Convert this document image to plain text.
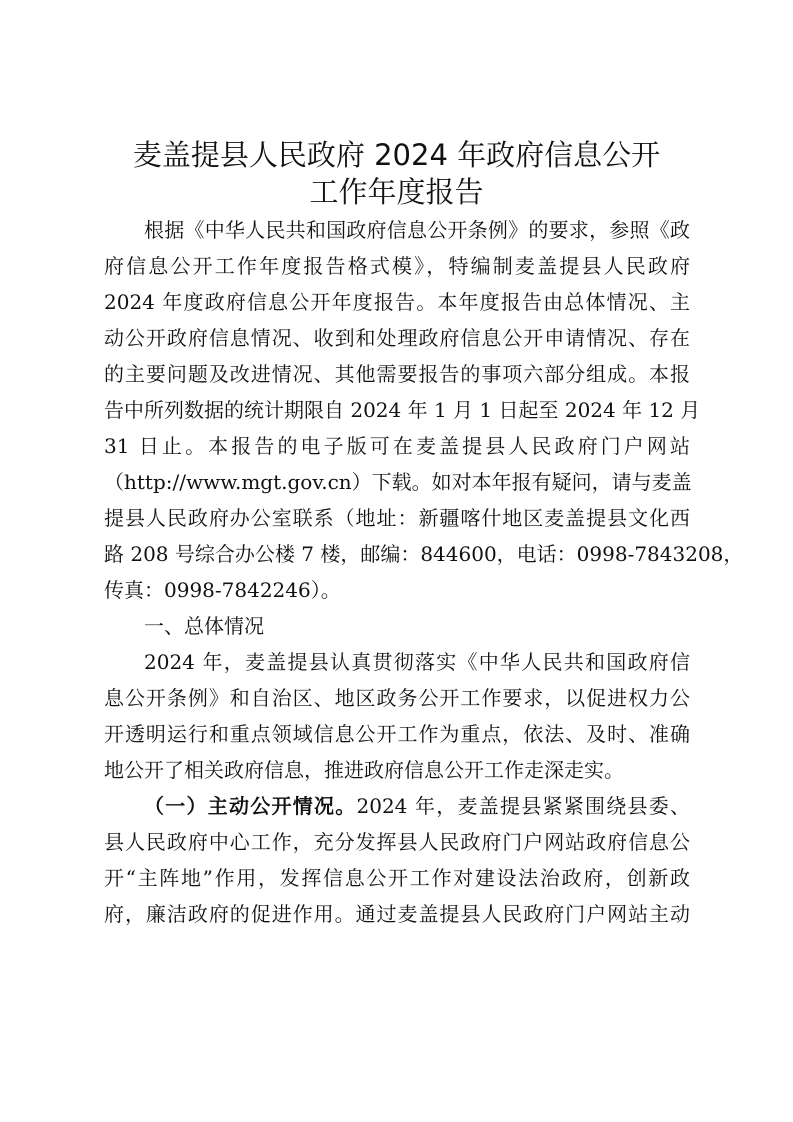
麦盖提县人民政府 2024 年政府信息公开
工作年度报告
根据《中华人民共和国政府信息公开条例》的要求，参照《政
府信息公开工作年度报告格式模》，特编制麦盖提县人民政府
2024 年度政府信息公开年度报告。本年度报告由总体情况、主
动公开政府信息情况、收到和处理政府信息公开申请情况、存在
的主要问题及改进情况、其他需要报告的事项六部分组成。本报
告中所列数据的统计期限自 2024 年 1 月 1 日起至 2024 年 12 月
31 日止。本报告的电子版可在麦盖提县人民政府门户网站
（http://www.mgt.gov.cn）下载。如对本年报有疑问，请与麦盖
提县人民政府办公室联系（地址：新疆喀什地区麦盖提县文化西
路 208 号综合办公楼 7 楼，邮编：844600，电话：0998-7843208，
传真：0998-7842246）。
一、总体情况
2024 年，麦盖提县认真贯彻落实《中华人民共和国政府信
息公开条例》和自治区、地区政务公开工作要求，以促进权力公
开透明运行和重点领域信息公开工作为重点，依法、及时、准确
地公开了相关政府信息，推进政府信息公开工作走深走实。
（一）主动公开情况。2024 年，麦盖提县紧紧围绕县委、
县人民政府中心工作，充分发挥县人民政府门户网站政府信息公
开“主阵地”作用，发挥信息公开工作对建设法治政府，创新政
府，廉洁政府的促进作用。通过麦盖提县人民政府门户网站主动
